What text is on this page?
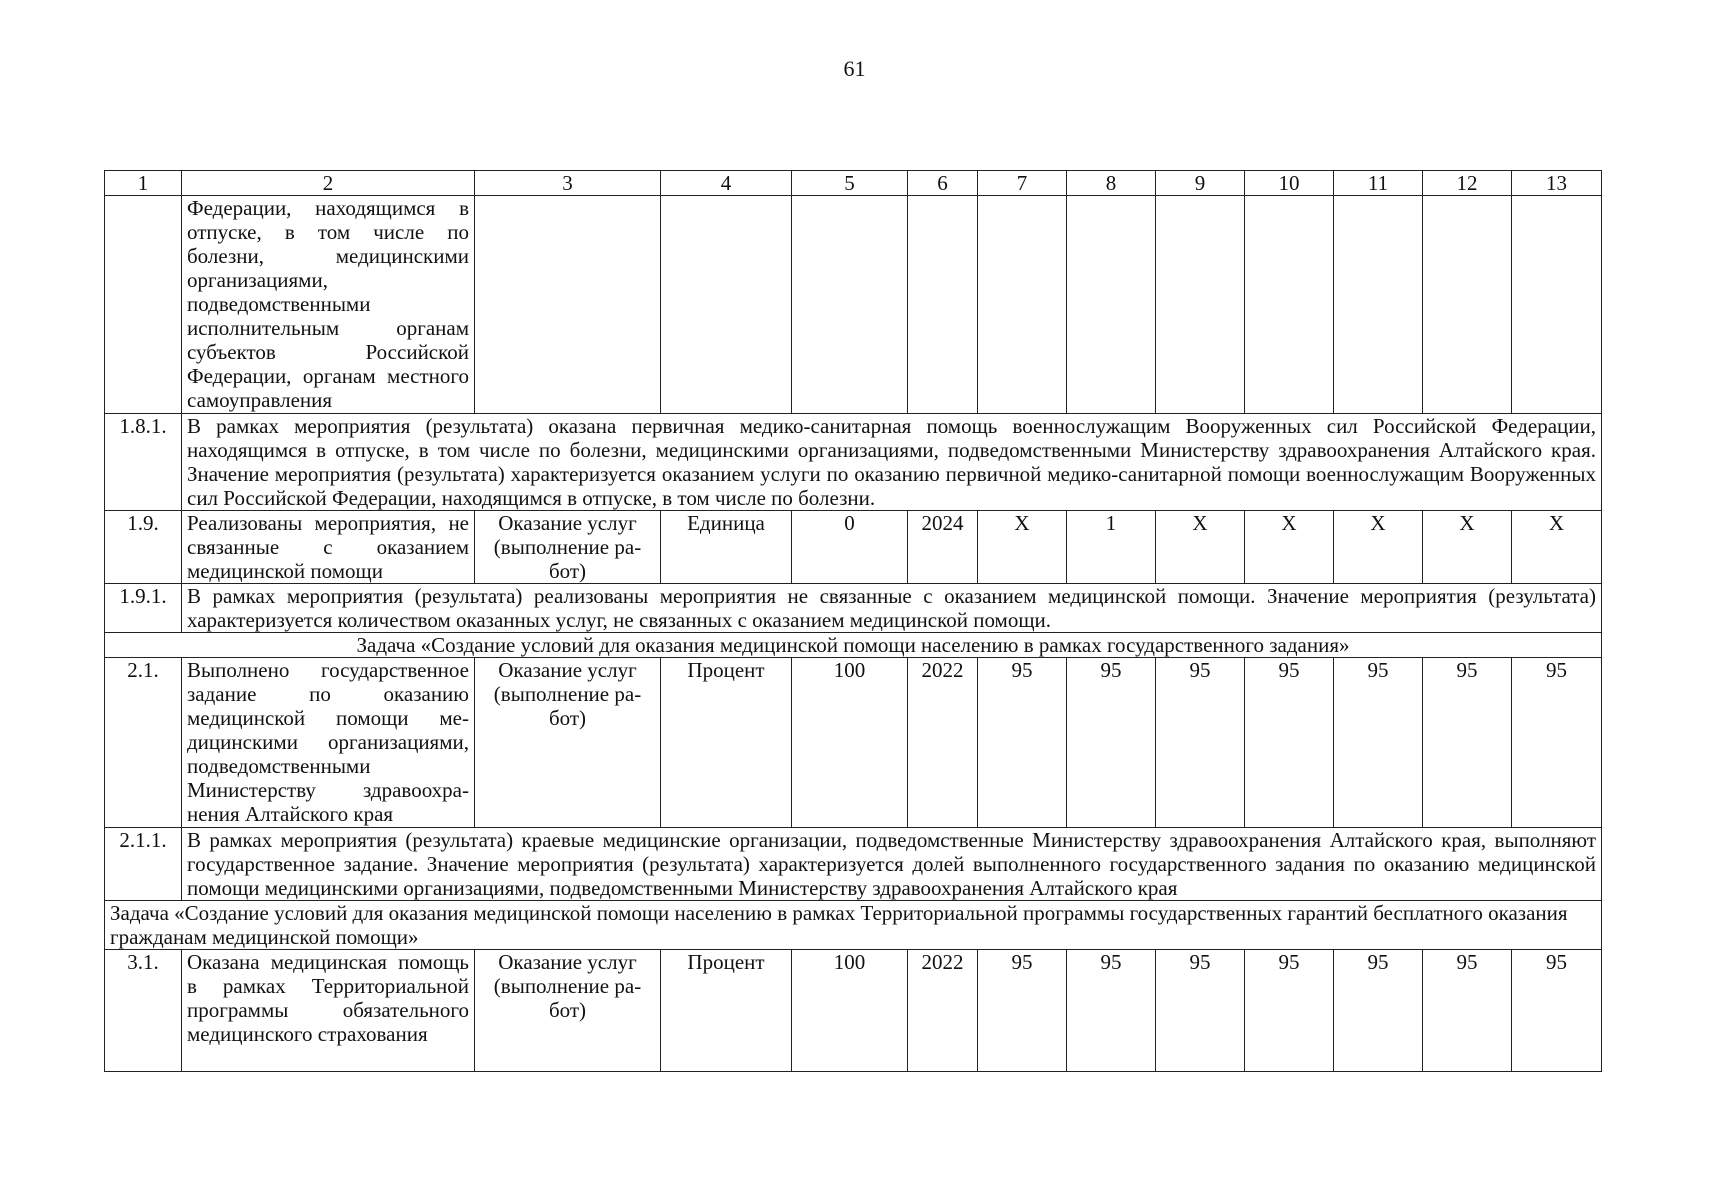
61
1	2	3	4	5	6	7	8	9	10	11	12	13
	Федерации, находящимся в отпуске, в том числе по болезни, медицинскими организациями, подведомственными исполнительным органам субъектов Российской Федерации, органам местного самоуправления											
1.8.1.	В рамках мероприятия (результата) оказана первичная медико-санитарная помощь военнослужащим Вооруженных сил Российской Федерации, находящимся в отпуске, в том числе по болезни, медицинскими организациями, подведомственными Министерству здравоохранения Алтайского края. Значение мероприятия (результата) характеризуется оказанием услуги по оказанию первичной медико-санитарной помощи военнослужащим Вооруженных сил Российской Федерации, находящимся в отпуске, в том числе по болезни.											
1.9.	Реализованы мероприятия, не связанные с оказанием медицинской помощи	Оказание услуг (выполнение работ)	Единица	0	2024	X	1	X	X	X	X	X
1.9.1.	В рамках мероприятия (результата) реализованы мероприятия не связанные с оказанием медицинской помощи. Значение мероприятия (результата) характеризуется количеством оказанных услуг, не связанных с оказанием медицинской помощи.											
Задача «Создание условий для оказания медицинской помощи населению в рамках государственного задания»												
2.1.	Выполнено государственное задание по оказанию медицинской помощи медицинскими организациями, подведомственными Министерству здравоохранения Алтайского края	Оказание услуг (выполнение работ)	Процент	100	2022	95	95	95	95	95	95	95
2.1.1.	В рамках мероприятия (результата) краевые медицинские организации, подведомственные Министерству здравоохранения Алтайского края, выполняют государственное задание. Значение мероприятия (результата) характеризуется долей выполненного государственного задания по оказанию медицинской помощи медицинскими организациями, подведомственными Министерству здравоохранения Алтайского края											
Задача «Создание условий для оказания медицинской помощи населению в рамках Территориальной программы государственных гарантий бесплатного оказания гражданам медицинской помощи»												
3.1.	Оказана медицинская помощь в рамках Территориальной программы обязательного медицинского страхования	Оказание услуг (выполнение работ)	Процент	100	2022	95	95	95	95	95	95	95
